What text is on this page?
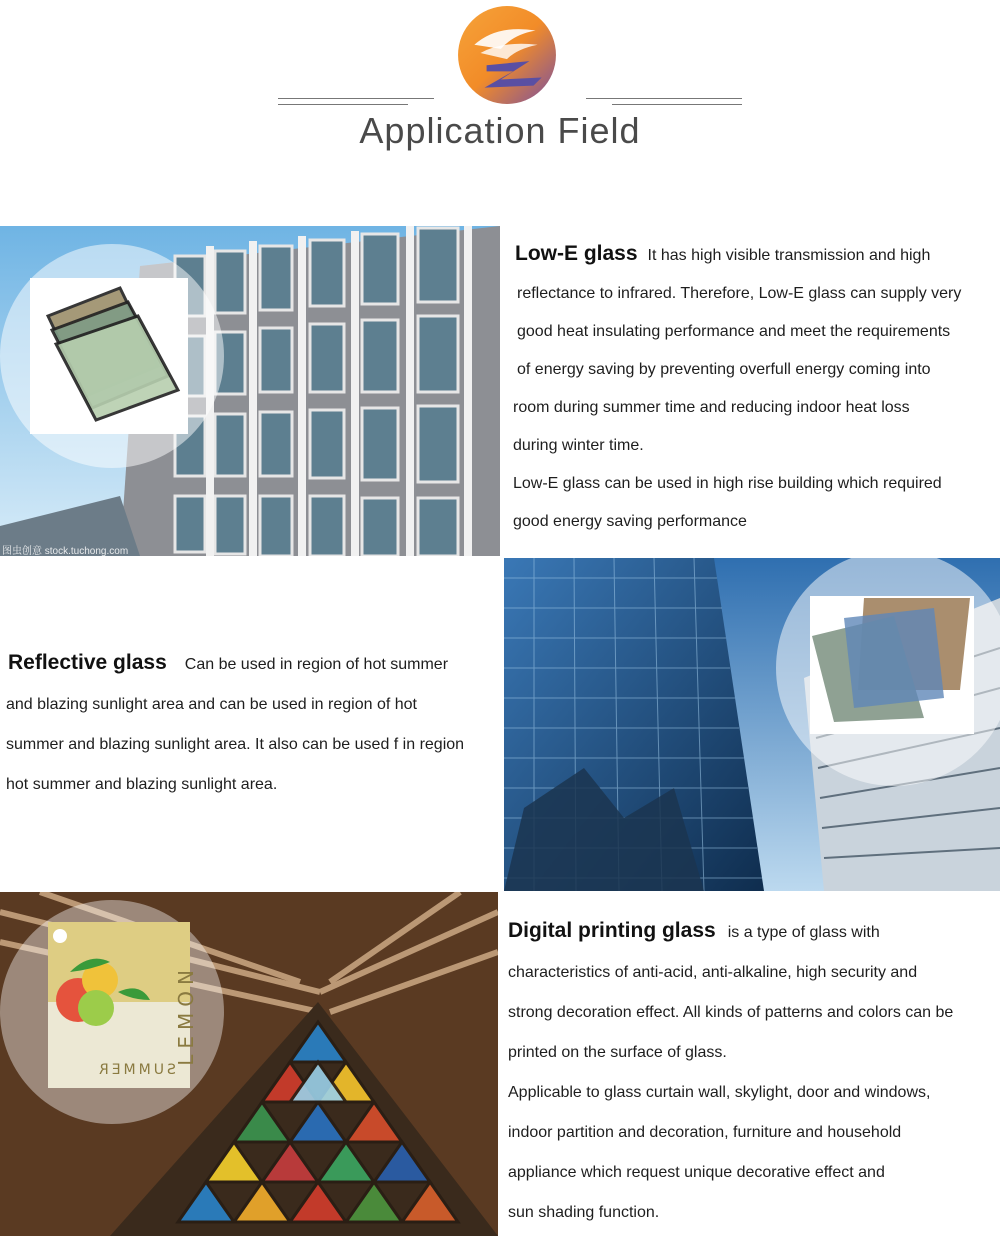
Application Field
图虫创意 stock.tuchong.com

Low-E glass It has high visible transmission and high

reflectance to infrared. Therefore, Low-E glass can supply very

good heat insulating performance and meet the requirements

of energy saving by preventing overfull energy coming into

room during summer time and reducing indoor heat loss

during winter time.

Low-E glass can be used in high rise building which required

good energy saving performance

Reflective glass Can be used in region of hot summer

and blazing sunlight area and can be used in region of hot

summer and blazing sunlight area. It also can be used f in region

hot summer and blazing sunlight area.

LEMON
SUMMER

Digital printing glass is a type of glass with

characteristics of anti-acid, anti-alkaline, high security and

strong decoration effect. All kinds of patterns and colors can be

printed on the surface of glass.

Applicable to glass curtain wall, skylight, door and windows,

indoor partition and decoration, furniture and household

appliance which request unique decorative effect and

sun shading function.
